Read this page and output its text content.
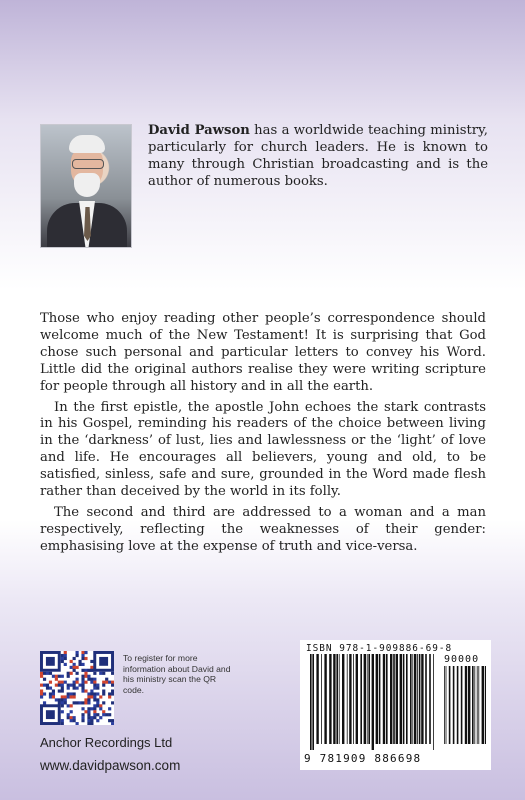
David Pawson has a worldwide teaching ministry, particularly for church leaders. He is known to many through Christian broadcasting and is the author of numerous books.

Those who enjoy reading other people’s correspondence should welcome much of the New Testament! It is surprising that God chose such personal and particular letters to convey his Word. Little did the original authors realise they were writing scripture for people through all history and in all the earth.

In the first epistle, the apostle John echoes the stark contrasts in his Gospel, reminding his readers of the choice between living in the ‘darkness’ of lust, lies and lawlessness or the ‘light’ of love and life. He encourages all believers, young and old, to be satisfied, sinless, safe and sure, grounded in the Word made flesh rather than deceived by the world in its folly.

The second and third are addressed to a woman and a man respectively, reflecting the weaknesses of their gender: emphasising love at the expense of truth and vice-versa.

To register for more information about David and his ministry scan the QR code.
Anchor Recordings Ltd
www.davidpawson.com
ISBN 978-1-909886-69-8
90000
9 781909 886698
